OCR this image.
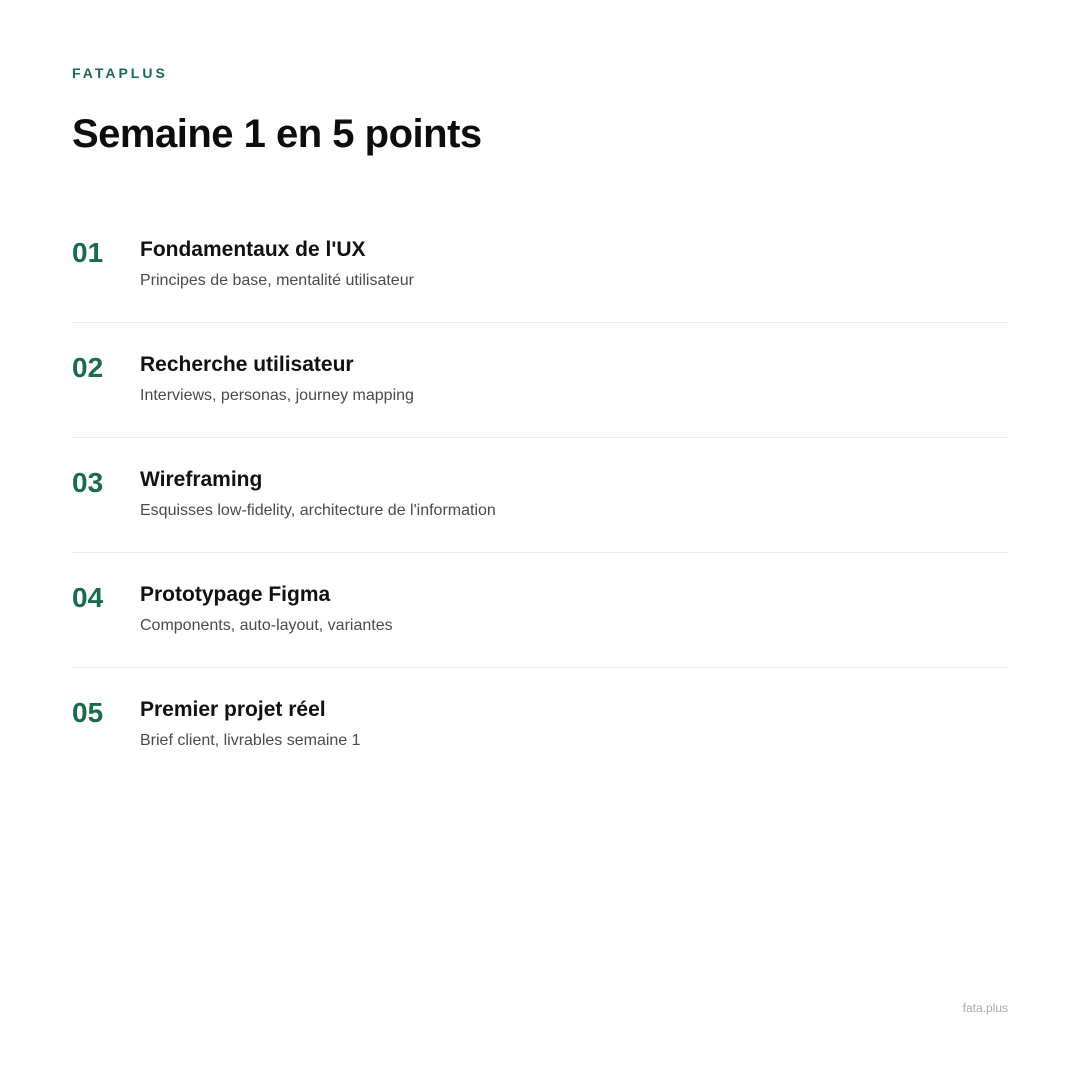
FATAPLUS
Semaine 1 en 5 points
01 Fondamentaux de l'UX
Principes de base, mentalité utilisateur
02 Recherche utilisateur
Interviews, personas, journey mapping
03 Wireframing
Esquisses low-fidelity, architecture de l'information
04 Prototypage Figma
Components, auto-layout, variantes
05 Premier projet réel
Brief client, livrables semaine 1
fata.plus
